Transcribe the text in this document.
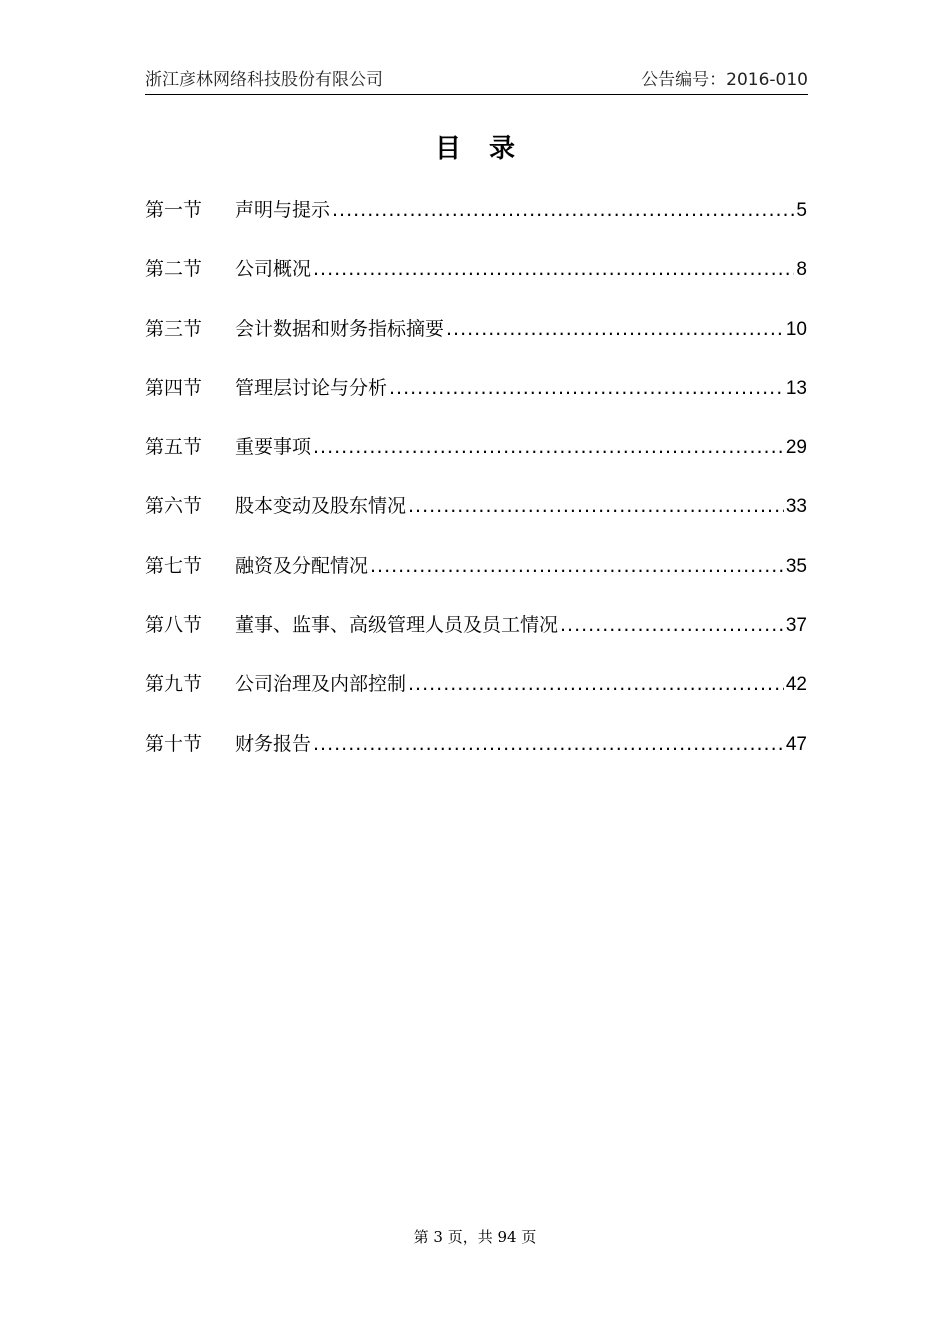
浙江彦林网络科技股份有限公司	公告编号：2016-010
目录
第一节	声明与提示 .....	5
第二节	公司概况 .....	8
第三节	会计数据和财务指标摘要 .....	10
第四节	管理层讨论与分析 .....	13
第五节	重要事项 .....	29
第六节	股本变动及股东情况 .....	33
第七节	融资及分配情况 .....	35
第八节	董事、监事、高级管理人员及员工情况 .....	37
第九节	公司治理及内部控制 .....	42
第十节	财务报告 .....	47
第 3 页，共 94 页
